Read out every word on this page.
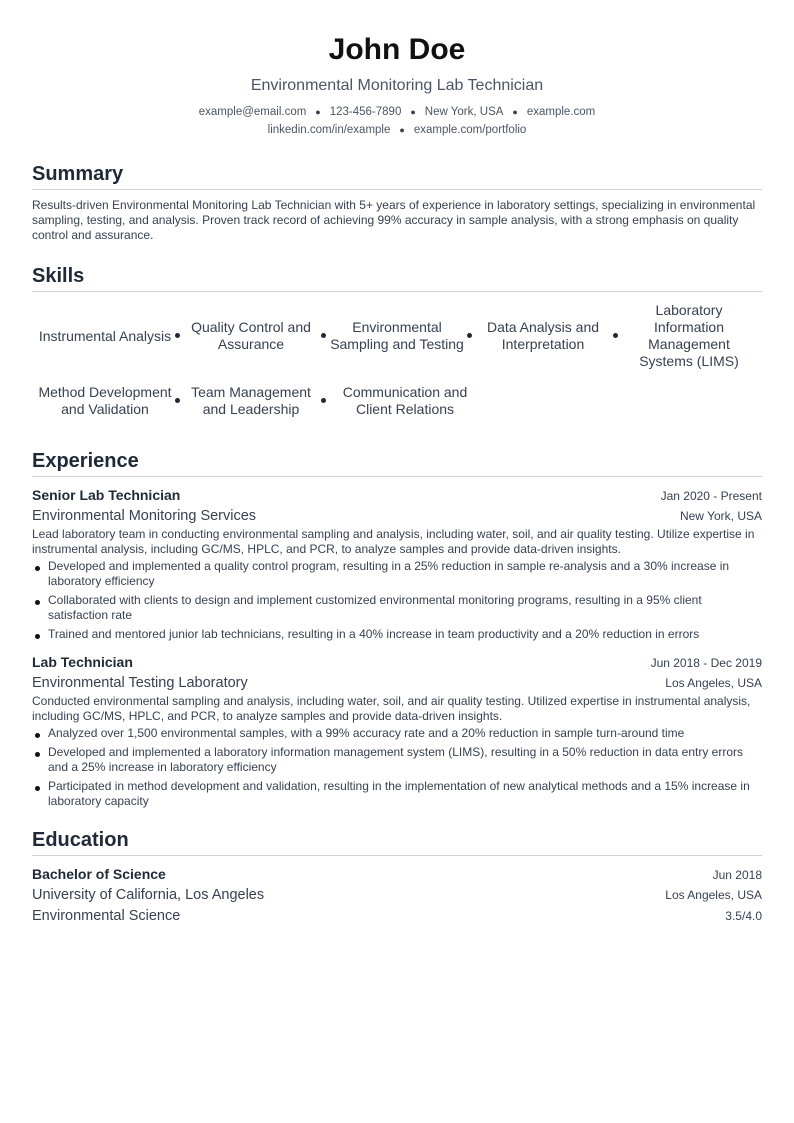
John Doe
Environmental Monitoring Lab Technician
example@email.com ● 123-456-7890 ● New York, USA ● example.com
linkedin.com/in/example ● example.com/portfolio
Summary
Results-driven Environmental Monitoring Lab Technician with 5+ years of experience in laboratory settings, specializing in environmental sampling, testing, and analysis. Proven track record of achieving 99% accuracy in sample analysis, with a strong emphasis on quality control and assurance.
Skills
Instrumental Analysis
Quality Control and Assurance
Environmental Sampling and Testing
Data Analysis and Interpretation
Laboratory Information Management Systems (LIMS)
Method Development and Validation
Team Management and Leadership
Communication and Client Relations
Experience
Senior Lab Technician	Jan 2020 - Present
Environmental Monitoring Services	New York, USA
Lead laboratory team in conducting environmental sampling and analysis, including water, soil, and air quality testing. Utilize expertise in instrumental analysis, including GC/MS, HPLC, and PCR, to analyze samples and provide data-driven insights.
Developed and implemented a quality control program, resulting in a 25% reduction in sample re-analysis and a 30% increase in laboratory efficiency
Collaborated with clients to design and implement customized environmental monitoring programs, resulting in a 95% client satisfaction rate
Trained and mentored junior lab technicians, resulting in a 40% increase in team productivity and a 20% reduction in errors
Lab Technician	Jun 2018 - Dec 2019
Environmental Testing Laboratory	Los Angeles, USA
Conducted environmental sampling and analysis, including water, soil, and air quality testing. Utilized expertise in instrumental analysis, including GC/MS, HPLC, and PCR, to analyze samples and provide data-driven insights.
Analyzed over 1,500 environmental samples, with a 99% accuracy rate and a 20% reduction in sample turn-around time
Developed and implemented a laboratory information management system (LIMS), resulting in a 50% reduction in data entry errors and a 25% increase in laboratory efficiency
Participated in method development and validation, resulting in the implementation of new analytical methods and a 15% increase in laboratory capacity
Education
Bachelor of Science	Jun 2018
University of California, Los Angeles	Los Angeles, USA
Environmental Science	3.5/4.0
